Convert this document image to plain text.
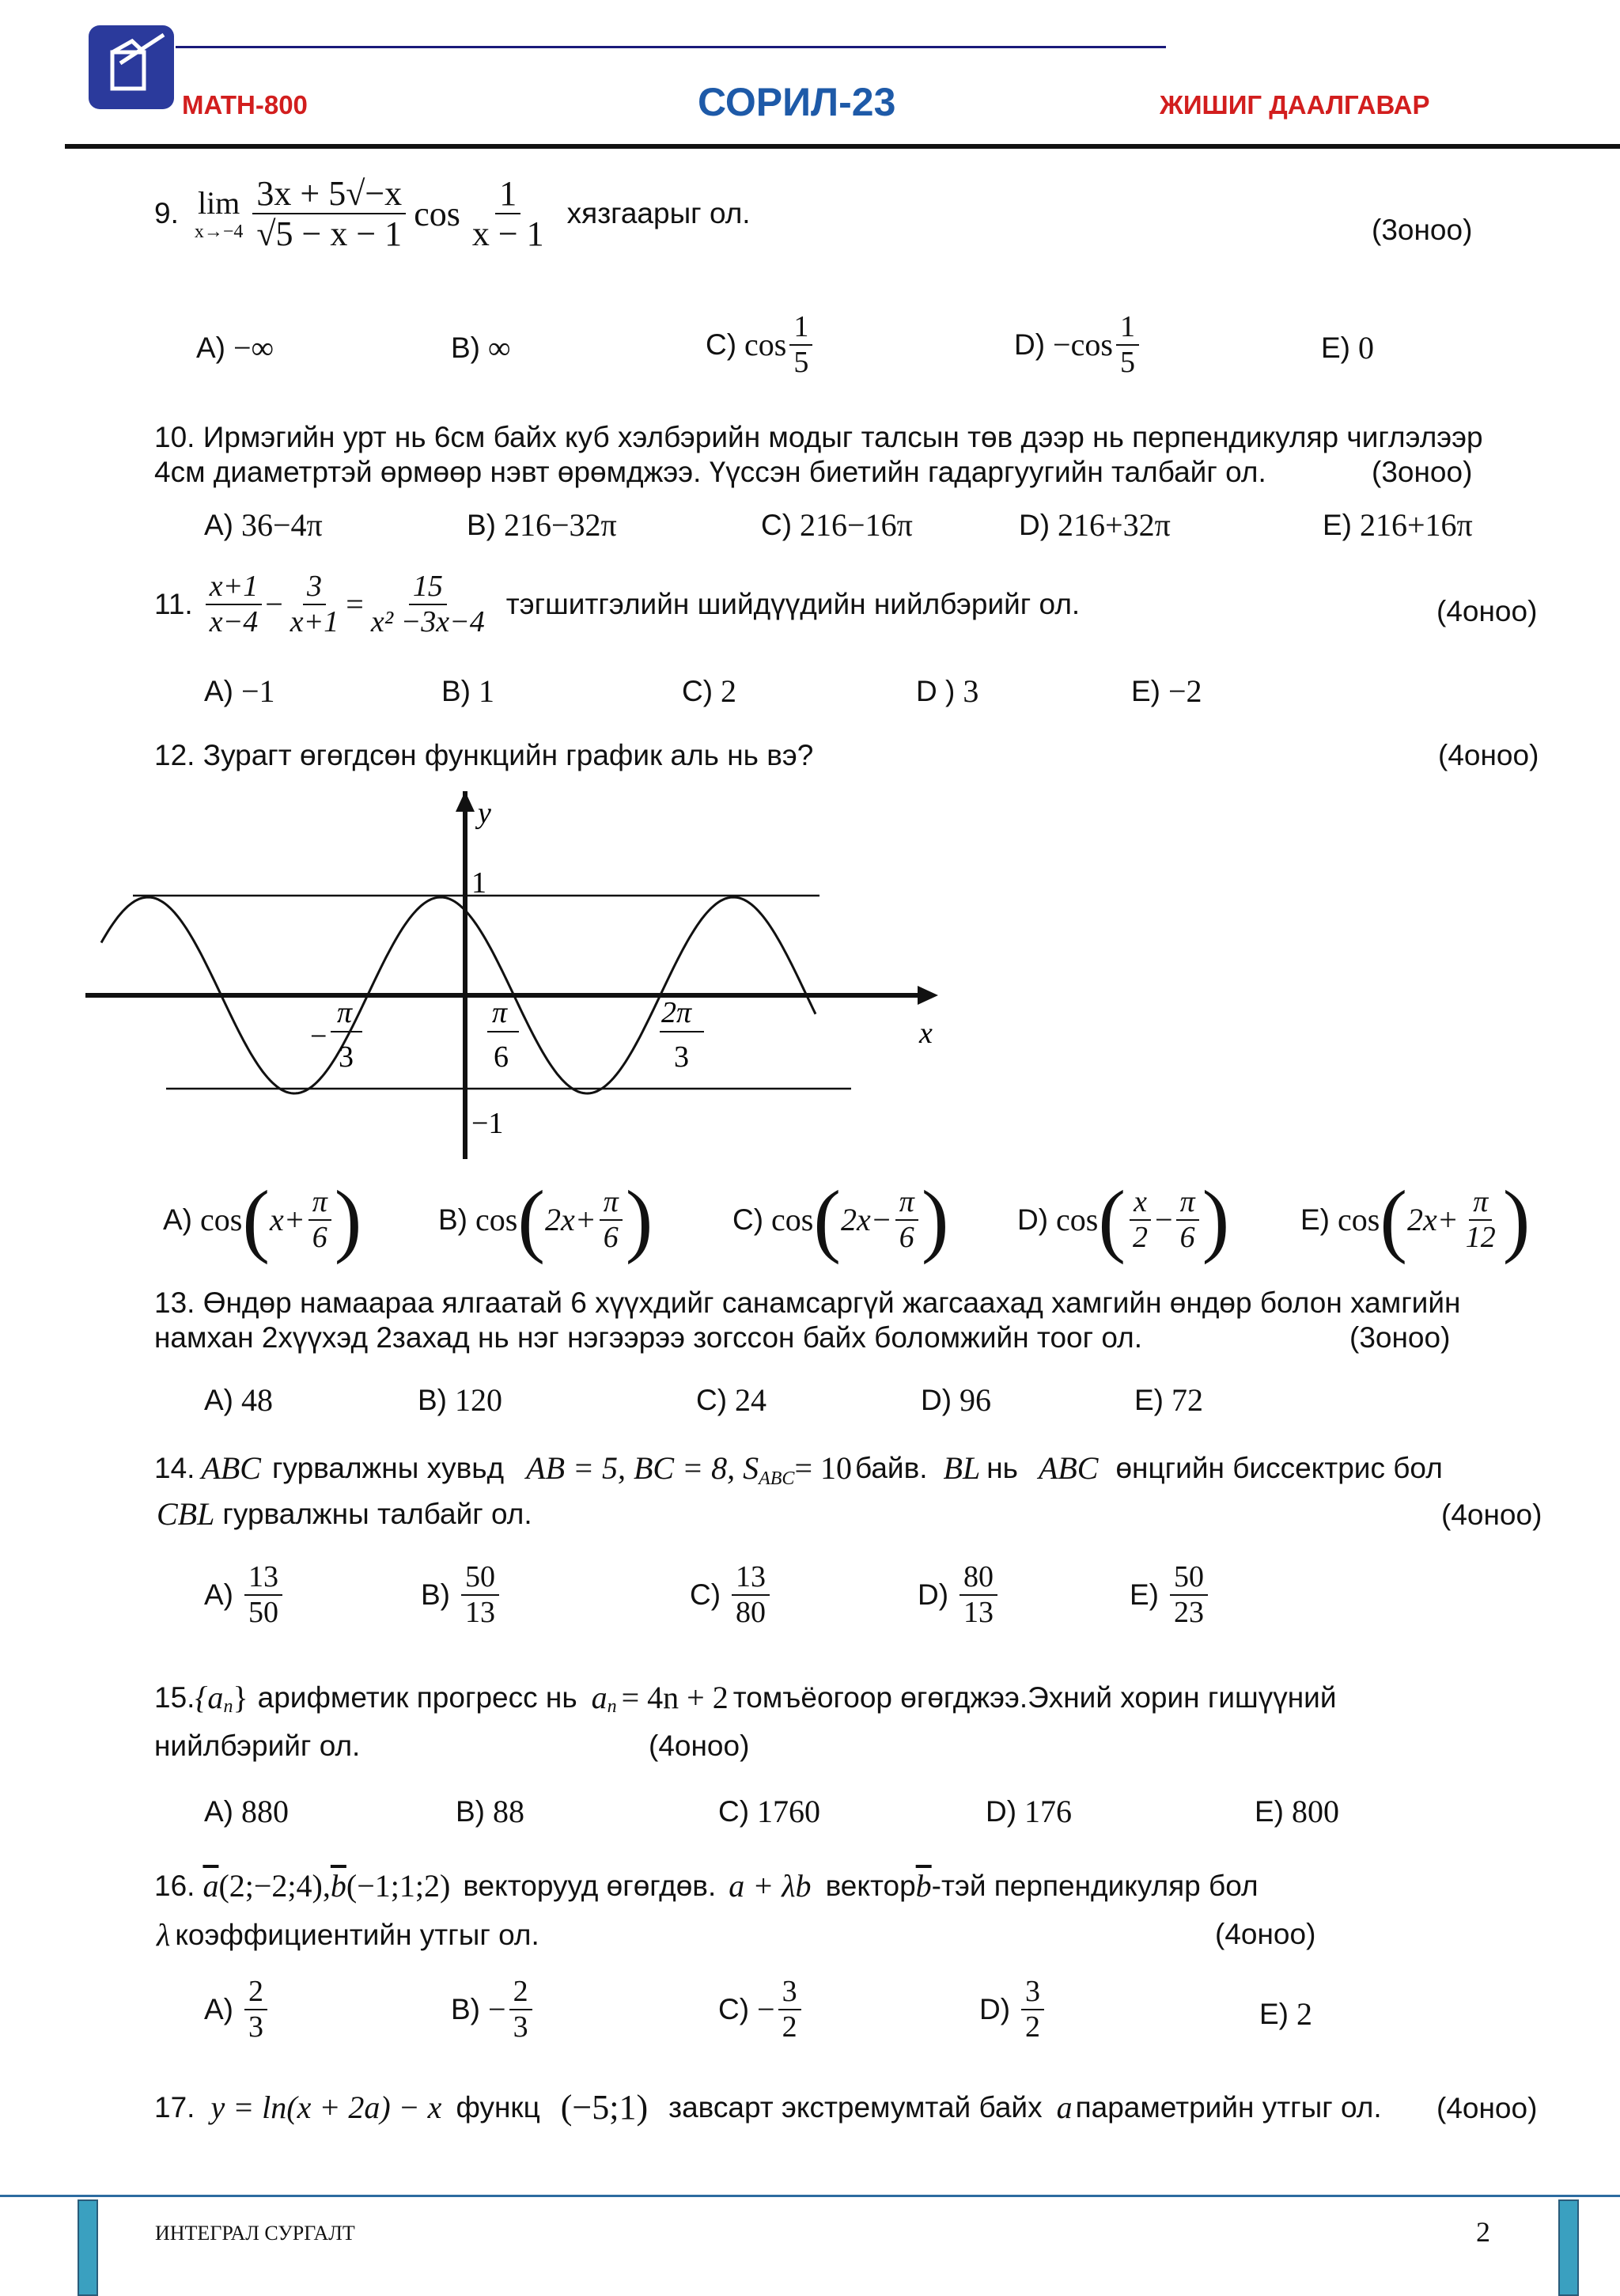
MATH-800	СОРИЛ-23	ЖИШИГ ДААЛГАВАР
9. lim
$x\to-4 \frac{3x + 5√-x}{√5 - x - 1}$ $\cos \frac{1}{x - 1}$ хязгаарыг ол.
(3оноо)
A) −∞	B) ∞	C) $\cos \frac{1}{5}$	$D) -\cos \frac{1}{5}$	E) 0
10. Ирмэгийн урт нь 6см байх куб хэлбэрийн модыг талсын төв дээр нь перпендикуляр чиглэлээр
4см диаметртэй өрмөөр нэвт өрөмджээ. Үүссэн биетийн гадаргуугийн талбайг ол.	(3оноо)
A) 36−4π	B) 216−32π	C) 216−16π	D) 216+32π	E) 216+16π
11. $\frac{x+1}{x-4} - \frac{3}{x+1} = \frac{15}{\text{x² −3x−4}}$ тэгшитгэлийн шийдүүдийн нийлбэрийг ол.	(4оноо)
A) −1	B) 1	C) 2	D ) 3	E) −2
12. Зурагт өгөгдсөн функцийн график аль нь вэ?	(4оноо)
y
x
1
−1
−
π
3
π
6
2π
3
A) cos ( $x+ \frac{\pi}{6}$ )	B) cos ( $2x+ \frac{\pi}{6}$ )	C) cos ( $2x- \frac{\pi}{6}$ ) D) cos ( $\frac{x}{2} - \frac{\pi}{6}$ ) E) cos ( $2x+ \frac{\pi}{12}$ )
13. Өндөр намаараа ялгаатай 6 хүүхдийг санамсаргүй жагсаахад хамгийн өндөр болон хамгийн
намхан 2хүүхэд 2захад нь нэг нэгээрээ зогссон байх боломжийн тоог ол.	(3оноо)
A) 48	B) 120	C) 24	D) 96	E) 72
14. ABC гурвалжны хувьд AB = 5, BC = 8, S ABC = 10 байв. BL нь ABC өнцгийн биссектрис бол
CBL гурвалжны талбайг ол.	(4оноо)
$A) \frac{13}{50}$	$B) \frac{50}{13}$	$C) \frac{13}{80}$	$D) \frac{80}{13}$	$E) \frac{50}{23}$
15. {a n } арифметик прогресс нь a n = 4n + 2 томъёогоор өгөгджээ.Эхний хорин гишүүний
нийлбэрийг ол.	(4оноо)
A) 880	B) 88	C) 1760	D) 176	E) 800
16. $\overline{a}$ (2;−2;4), $\overline{b}$ (−1;1;2) векторууд өгөгдөв. a + λb вектор $\overline{b}$ -тэй перпендикуляр бол
λ коэффициентийн утгыг ол.	(4оноо)
$A) \frac{2}{3}$	$B) - \frac{2}{3}$	$C) - \frac{3}{2}$	$D) \frac{3}{2}$	E) 2
17. y = ln(x + 2a) − x функц (−5;1) завсарт экстремумтай байх a параметрийн утгыг ол. (4оноо)
ИНТЕГРАЛ СУРГАЛТ	2
